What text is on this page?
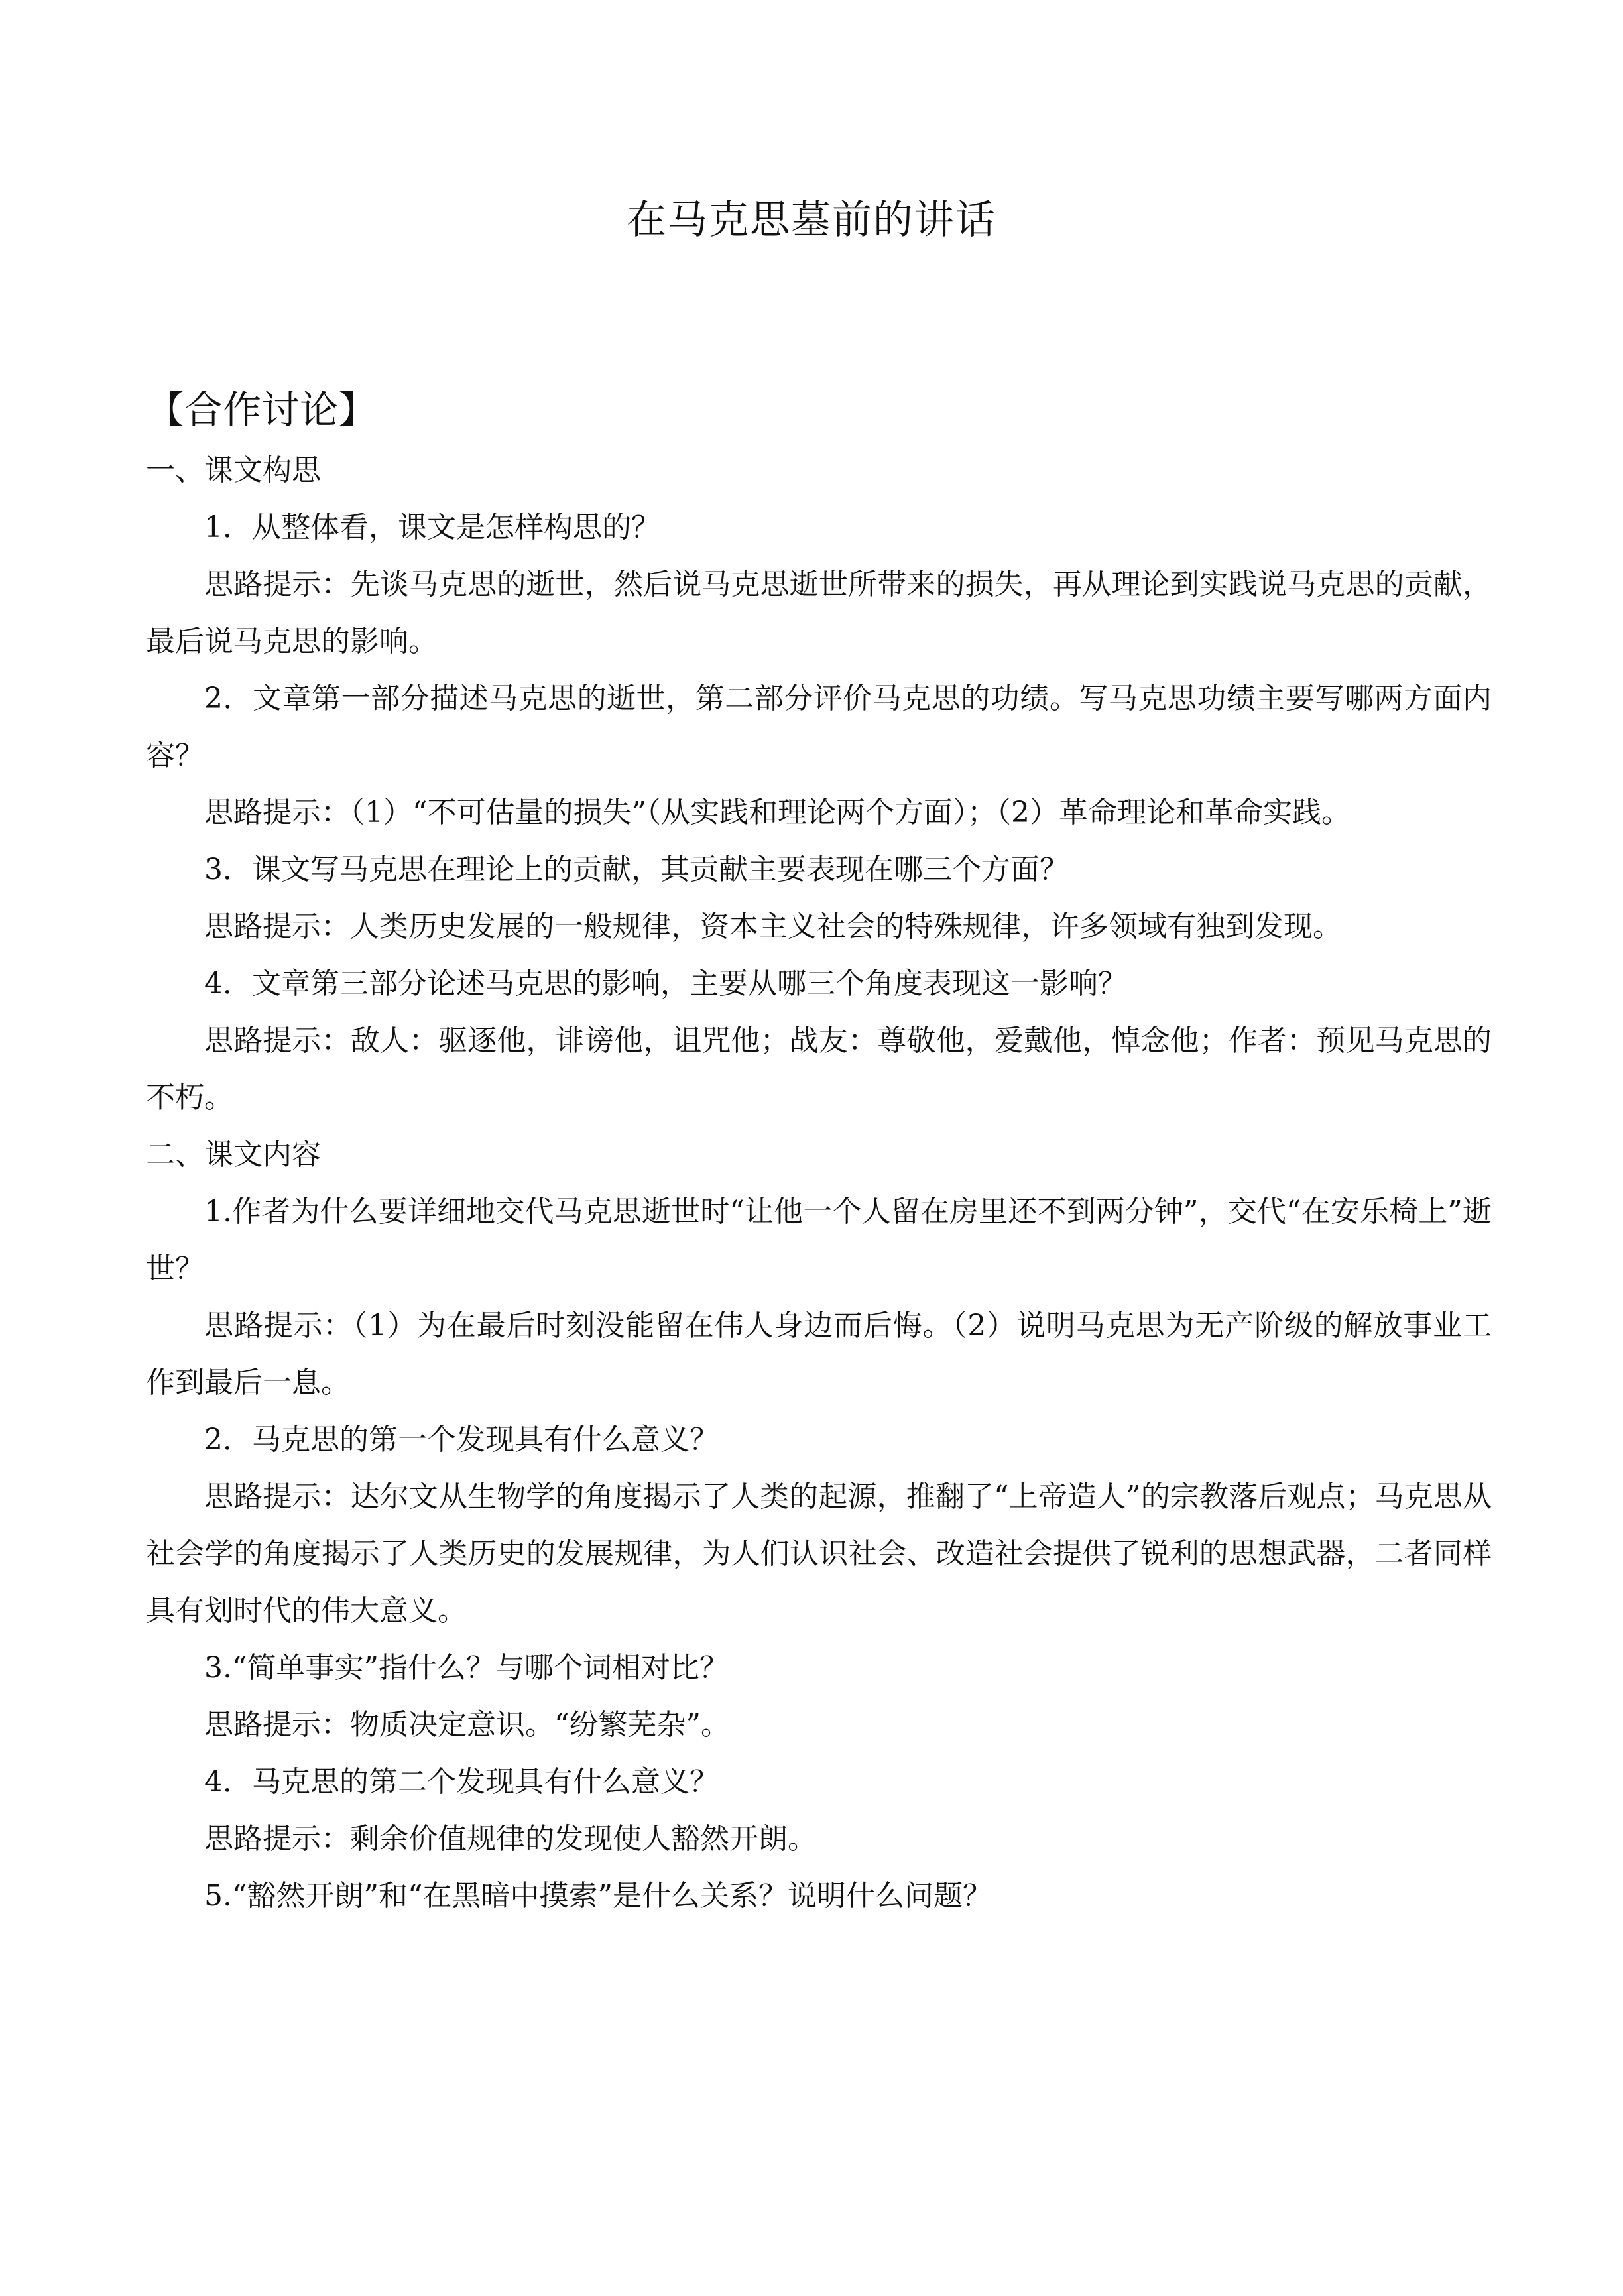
在马克思墓前的讲话
【合作讨论】

一、课文构思

1．从整体看，课文是怎样构思的？

思路提示：先谈马克思的逝世，然后说马克思逝世所带来的损失，再从理论到实践说马克思的贡献，最后说马克思的影响。

2．文章第一部分描述马克思的逝世，第二部分评价马克思的功绩。写马克思功绩主要写哪两方面内容？

思路提示：（1）“不可估量的损失”（从实践和理论两个方面）；（2）革命理论和革命实践。

3．课文写马克思在理论上的贡献，其贡献主要表现在哪三个方面？

思路提示：人类历史发展的一般规律，资本主义社会的特殊规律，许多领域有独到发现。

4．文章第三部分论述马克思的影响，主要从哪三个角度表现这一影响？

思路提示：敌人：驱逐他，诽谤他，诅咒他；战友：尊敬他，爱戴他，悼念他；作者：预见马克思的不朽。

二、课文内容

1.作者为什么要详细地交代马克思逝世时“让他一个人留在房里还不到两分钟”，交代“在安乐椅上”逝世？

思路提示：（1）为在最后时刻没能留在伟人身边而后悔。（2）说明马克思为无产阶级的解放事业工作到最后一息。

2．马克思的第一个发现具有什么意义？

思路提示：达尔文从生物学的角度揭示了人类的起源，推翻了“上帝造人”的宗教落后观点；马克思从社会学的角度揭示了人类历史的发展规律，为人们认识社会、改造社会提供了锐利的思想武器，二者同样具有划时代的伟大意义。

3.“简单事实”指什么？与哪个词相对比？

思路提示：物质决定意识。“纷繁芜杂”。

4．马克思的第二个发现具有什么意义？

思路提示：剩余价值规律的发现使人豁然开朗。

5.“豁然开朗”和“在黑暗中摸索”是什么关系？说明什么问题？
